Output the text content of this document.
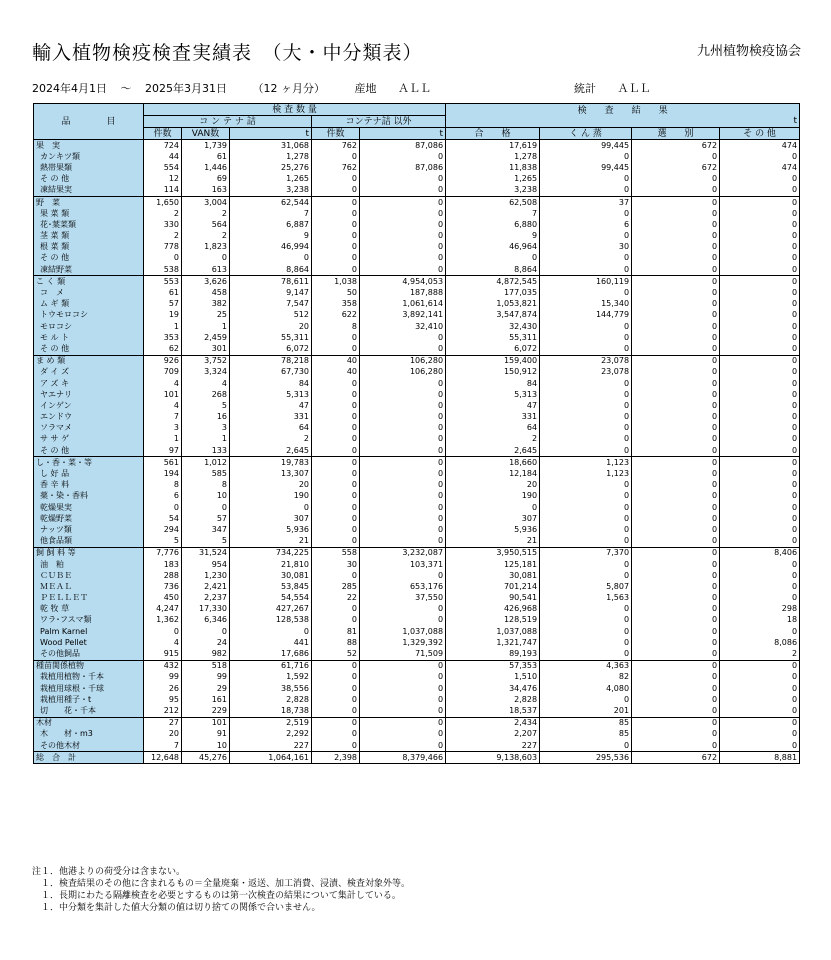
輸入植物検疫検査実績表　（大・中分類表）	九州植物検疫協会
2024年4月1日 ～ 2025年3月31日 （12 ヶ月分）	産地 ＡＬＬ	統計 ＡＬＬ
品　　　　目	検 査 数 量					検　　査　　結　　果
t			

	コ ン テ ナ 詰			コンテナ詰 以外					
	件数	VAN数	t	件数	t	合　　格	く ん 蒸	選　　別	そ の 他
果　実	724	1,739	31,068	762	87,086	17,619	99,445	672	474
カンキツ類	44	61	1,278	0	0	1,278	0	0	0
熱帯果類	554	1,446	25,276	762	87,086	11,838	99,445	672	474
そ の 他	12	69	1,265	0	0	1,265	0	0	0
凍結果実	114	163	3,238	0	0	3,238	0	0	0
野　菜	1,650	3,004	62,544	0	0	62,508	37	0	0
果 菜 類	2	2	7	0	0	7	0	0	0
花･葉菜類	330	564	6,887	0	0	6,880	6	0	0
茎 菜 類	2	2	9	0	0	9	0	0	0
根 菜 類	778	1,823	46,994	0	0	46,964	30	0	0
そ の 他	0	0	0	0	0	0	0	0	0
凍結野菜	538	613	8,864	0	0	8,864	0	0	0
こ く 類	553	3,626	78,611	1,038	4,954,053	4,872,545	160,119	0	0
コ　メ	61	458	9,147	50	187,888	177,035	0	0	0
ム ギ 類	57	382	7,547	358	1,061,614	1,053,821	15,340	0	0
トウモロコシ	19	25	512	622	3,892,141	3,547,874	144,779	0	0
モロコシ	1	1	20	8	32,410	32,430	0	0	0
モ ル ト	353	2,459	55,311	0	0	55,311	0	0	0
そ の 他	62	301	6,072	0	0	6,072	0	0	0
ま め 類	926	3,752	78,218	40	106,280	159,400	23,078	0	0
ダ イ ズ	709	3,324	67,730	40	106,280	150,912	23,078	0	0
ア ズ キ	4	4	84	0	0	84	0	0	0
ヤエナリ	101	268	5,313	0	0	5,313	0	0	0
インゲン	4	5	47	0	0	47	0	0	0
エンドウ	7	16	331	0	0	331	0	0	0
ソラマメ	3	3	64	0	0	64	0	0	0
サ サ ゲ	1	1	2	0	0	2	0	0	0
そ の 他	97	133	2,645	0	0	2,645	0	0	0
し・香・菜・等	561	1,012	19,783	0	0	18,660	1,123	0	0
し 好 品	194	585	13,307	0	0	12,184	1,123	0	0
香 辛 料	8	8	20	0	0	20	0	0	0
薬・染・香料	6	10	190	0	0	190	0	0	0
乾燥果実	0	0	0	0	0	0	0	0	0
乾燥野菜	54	57	307	0	0	307	0	0	0
ナッツ類	294	347	5,936	0	0	5,936	0	0	0
他食品類	5	5	21	0	0	21	0	0	0
飼 飼 料 等	7,776	31,524	734,225	558	3,232,087	3,950,515	7,370	0	8,406
油　粕	183	954	21,810	30	103,371	125,181	0	0	0
ＣＵＢＥ	288	1,230	30,081	0	0	30,081	0	0	0
ＭＥＡＬ	736	2,421	53,845	285	653,176	701,214	5,807	0	0
ＰＥＬＬＥＴ	450	2,237	54,554	22	37,550	90,541	1,563	0	0
乾 牧 草	4,247	17,330	427,267	0	0	426,968	0	0	298
ワラ･フスマ類	1,362	6,346	128,538	0	0	128,519	0	0	18
Palm Karnel	0	0	0	81	1,037,088	1,037,088	0	0	0
Wood Pellet	4	24	441	88	1,329,392	1,321,747	0	0	8,086
その他飼品	915	982	17,686	52	71,509	89,193	0	0	2
種苗関係植物	432	518	61,716	0	0	57,353	4,363	0	0
栽植用植物・千本	99	99	1,592	0	0	1,510	82	0	0
栽植用球根・千球	26	29	38,556	0	0	34,476	4,080	0	0
栽植用種子・t	95	161	2,828	0	0	2,828	0	0	0
切　　花・千本	212	229	18,738	0	0	18,537	201	0	0
木材	27	101	2,519	0	0	2,434	85	0	0
木　　材・m3	20	91	2,292	0	0	2,207	85	0	0
その他木材	7	10	227	0	0	227	0	0	0
総　合　計	12,648	45,276	1,064,161	2,398	8,379,466	9,138,603	295,536	672	8,881
注１．他港よりの荷受分は含まない。
　１．検査結果のその他に含まれるもの＝全量廃棄・返送、加工消費、浸漬、検査対象外等。
　１．長期にわたる隔離検査を必要とするものは第一次検査の結果について集計している。
　１．中分類を集計した値大分類の値は切り捨ての関係で合いません。
